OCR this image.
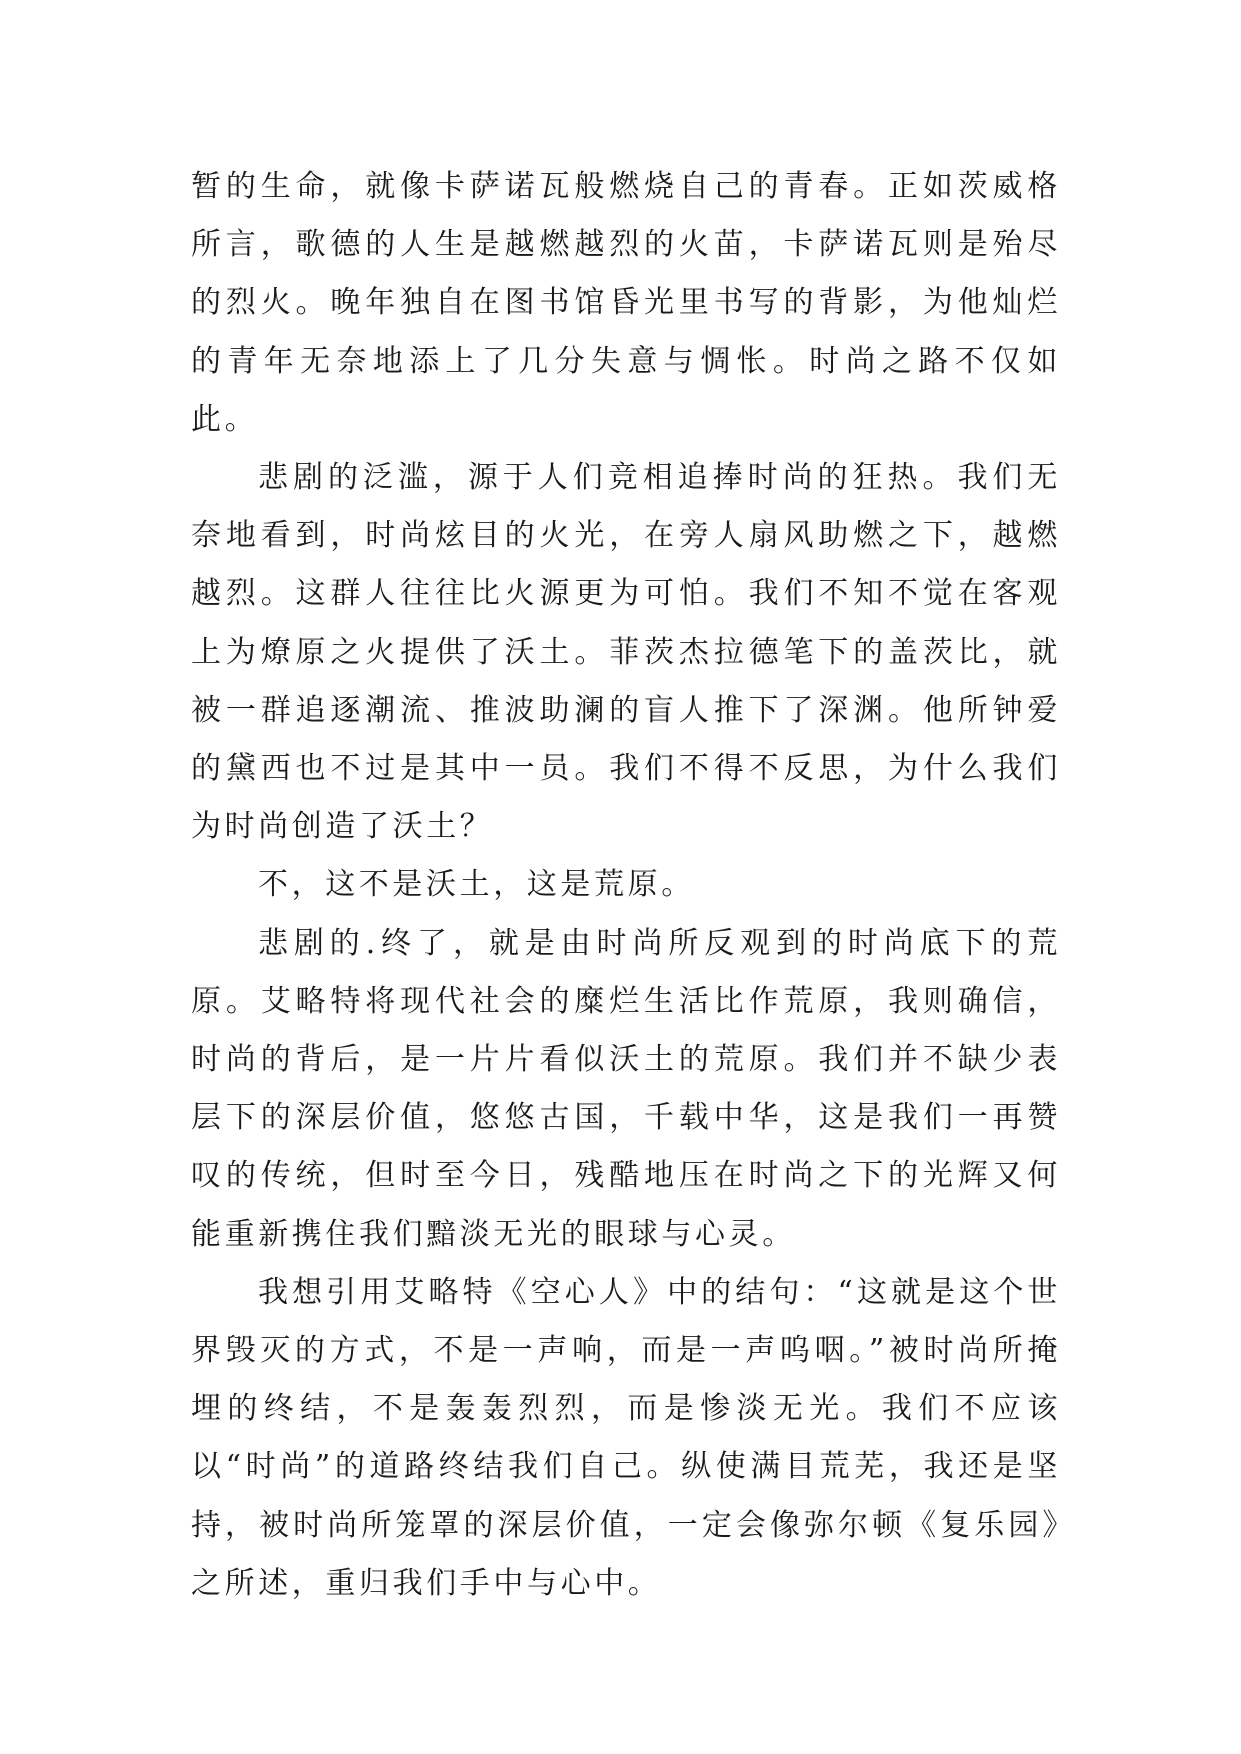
暂的生命，就像卡萨诺瓦般燃烧自己的青春。正如茨威格所言，歌德的人生是越燃越烈的火苗，卡萨诺瓦则是殆尽的烈火。晚年独自在图书馆昏光里书写的背影，为他灿烂的青年无奈地添上了几分失意与惆怅。时尚之路不仅如此。

悲剧的泛滥，源于人们竞相追捧时尚的狂热。我们无奈地看到，时尚炫目的火光，在旁人扇风助燃之下，越燃越烈。这群人往往比火源更为可怕。我们不知不觉在客观上为燎原之火提供了沃土。菲茨杰拉德笔下的盖茨比，就被一群追逐潮流、推波助澜的盲人推下了深渊。他所钟爱的黛西也不过是其中一员。我们不得不反思，为什么我们为时尚创造了沃土？

不，这不是沃土，这是荒原。

悲剧的.终了，就是由时尚所反观到的时尚底下的荒原。艾略特将现代社会的糜烂生活比作荒原，我则确信，时尚的背后，是一片片看似沃土的荒原。我们并不缺少表层下的深层价值，悠悠古国，千载中华，这是我们一再赞叹的传统，但时至今日，残酷地压在时尚之下的光辉又何能重新携住我们黯淡无光的眼球与心灵。

我想引用艾略特《空心人》中的结句：“这就是这个世界毁灭的方式，不是一声响，而是一声呜咽。”被时尚所掩埋的终结，不是轰轰烈烈，而是惨淡无光。我们不应该以“时尚”的道路终结我们自己。纵使满目荒芜，我还是坚持，被时尚所笼罩的深层价值，一定会像弥尔顿《复乐园》之所述，重归我们手中与心中。
